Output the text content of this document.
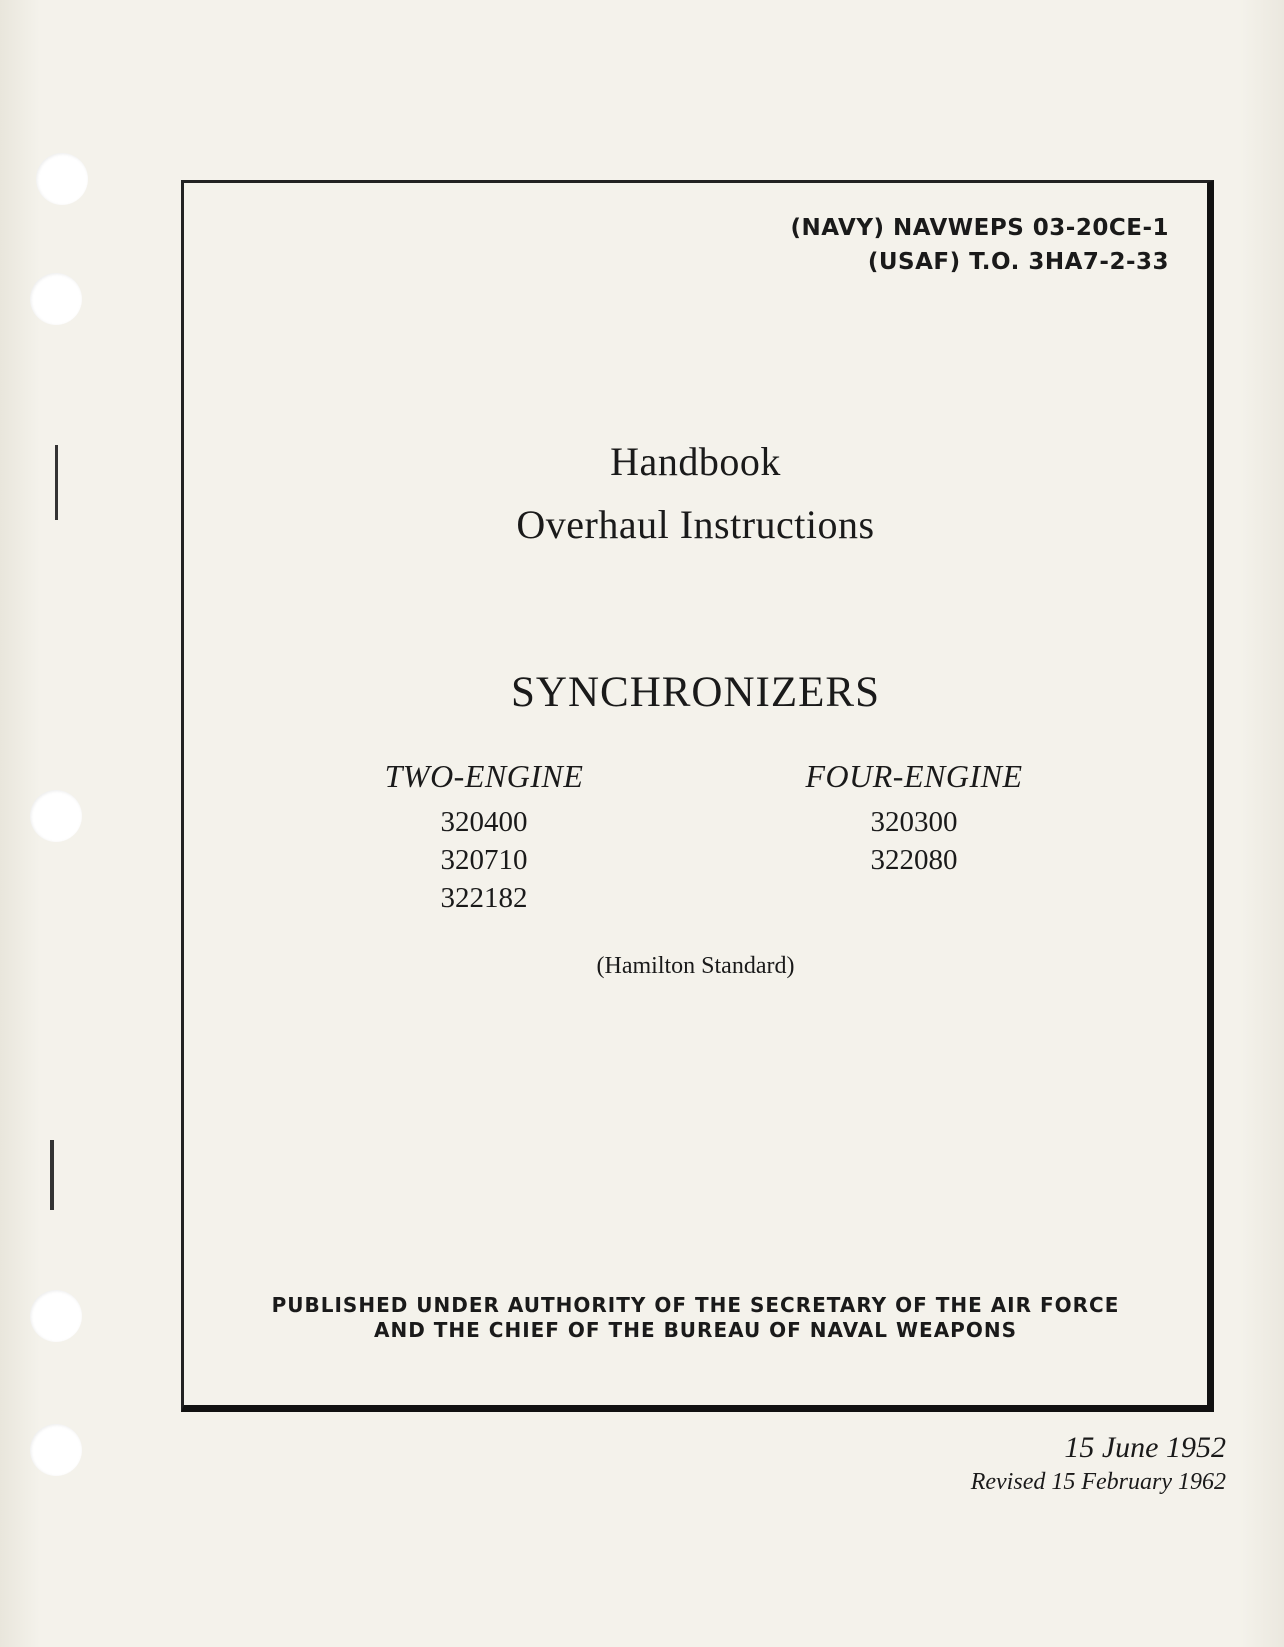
(NAVY) NAVWEPS 03-20CE-1
(USAF) T.O. 3HA7-2-33
Handbook
Overhaul Instructions
SYNCHRONIZERS
TWO-ENGINE
320400
320710
322182
FOUR-ENGINE
320300
322080
(Hamilton Standard)
PUBLISHED UNDER AUTHORITY OF THE SECRETARY OF THE AIR FORCE
AND THE CHIEF OF THE BUREAU OF NAVAL WEAPONS
15 June 1952
Revised 15 February 1962
